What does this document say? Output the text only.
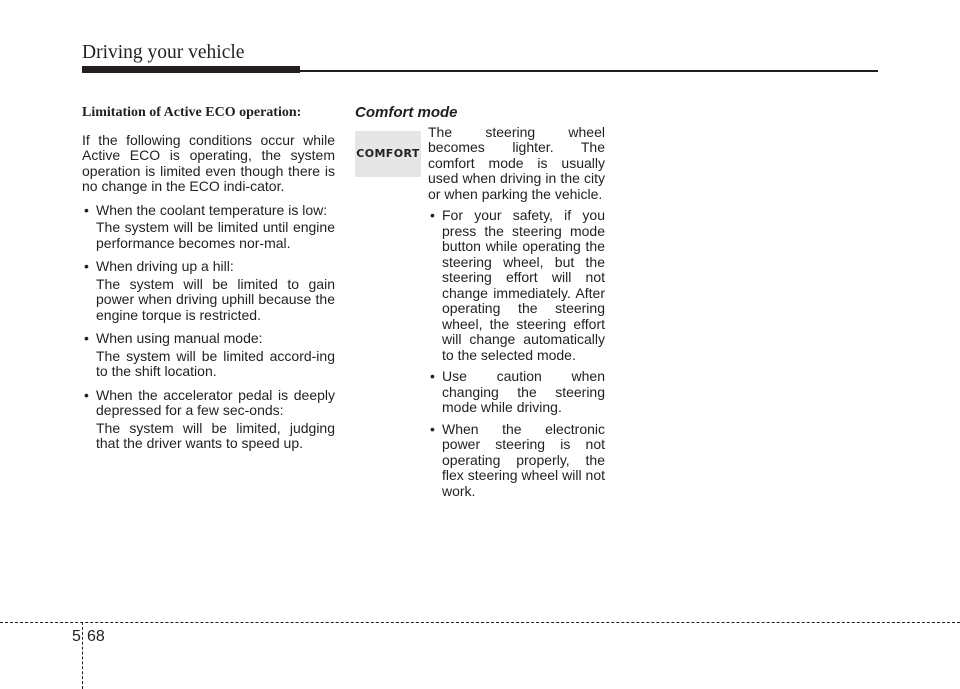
Driving your vehicle

Limitation of Active ECO operation:

If the following conditions occur while Active ECO is operating, the system operation is limited even though there is no change in the ECO indi-cator.

• When the coolant temperature is low:

The system will be limited until engine performance becomes nor-mal.

• When driving up a hill:

The system will be limited to gain power when driving uphill because the engine torque is restricted.

• When using manual mode:

The system will be limited accord-ing to the shift location.

• When the accelerator pedal is deeply depressed for a few sec-onds:

The system will be limited, judging that the driver wants to speed up.

Comfort mode

COMFORT

The steering wheel becomes lighter. The comfort mode is usually used when driving in the city or when parking the vehicle.

• For your safety, if you press the steering mode button while operating the steering wheel, but the steering effort will not change immediately. After operating the steering wheel, the steering effort will change automatically to the selected mode.

• Use caution when changing the steering mode while driving.

• When the electronic power steering is not operating properly, the flex steering wheel will not work.

5 68
